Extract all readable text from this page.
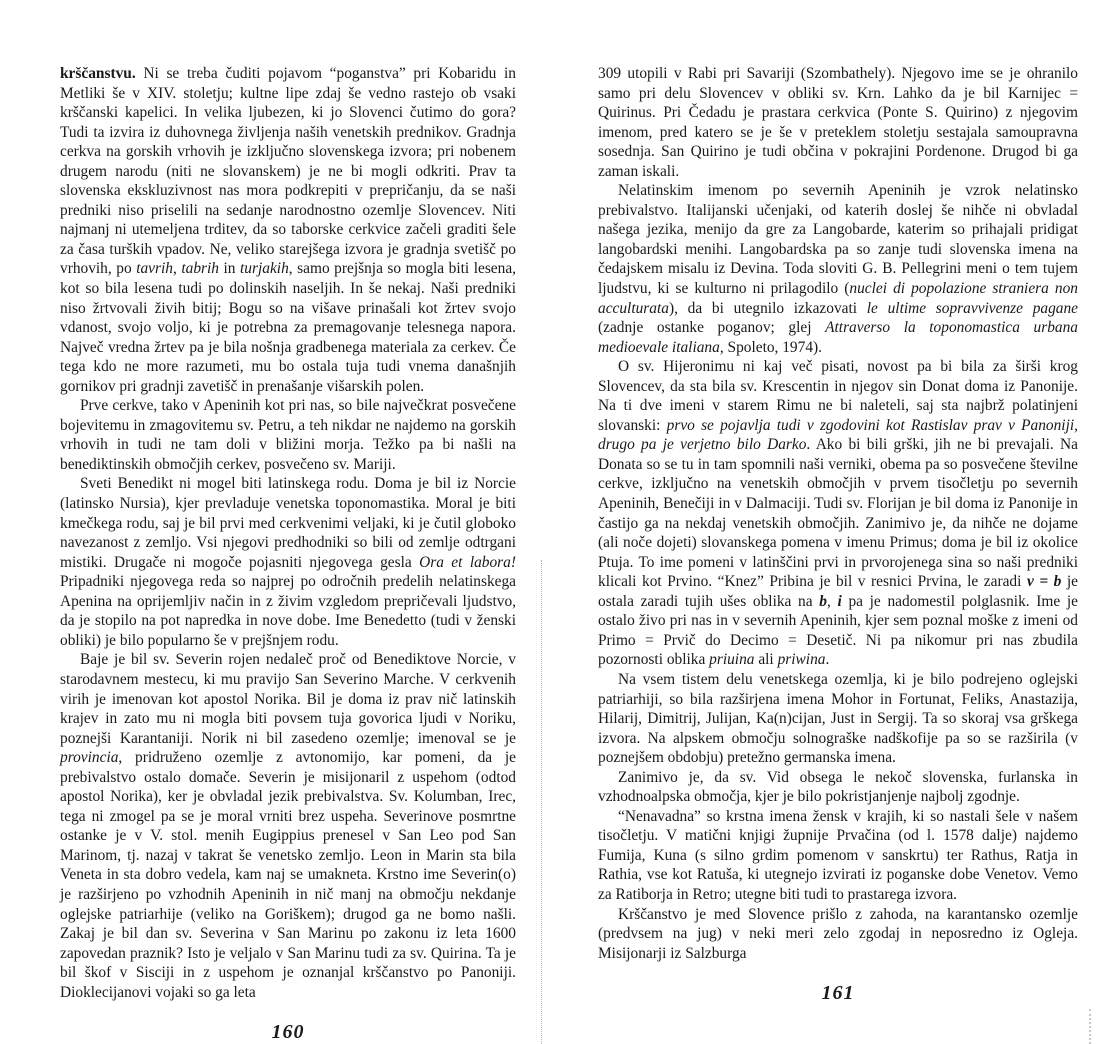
krščanstvu. Ni se treba čuditi pojavom “poganstva” pri Kobaridu in Metliki še v XIV. stoletju; kultne lipe zdaj še vedno rastejo ob vsaki krščanski kapelici. In velika ljubezen, ki jo Slovenci čutimo do gora? Tudi ta izvira iz duhovnega življenja naših venetskih prednikov. Gradnja cerkva na gorskih vrhovih je izključno slovenskega izvora; pri nobenem drugem narodu (niti ne slovanskem) je ne bi mogli odkriti. Prav ta slovenska ekskluzivnost nas mora podkrepiti v prepričanju, da se naši predniki niso priselili na sedanje narodnostno ozemlje Slovencev. Niti najmanj ni utemeljena trditev, da so taborske cerkvice začeli graditi šele za časa turških vpadov. Ne, veliko starejšega izvora je gradnja svetišč po vrhovih, po tavrih, tabrih in turjakih, samo prejšnja so mogla biti lesena, kot so bila lesena tudi po dolinskih naseljih. In še nekaj. Naši predniki niso žrtvovali živih bitij; Bogu so na višave prinašali kot žrtev svojo vdanost, svojo voljo, ki je potrebna za premagovanje telesnega napora. Največ vredna žrtev pa je bila nošnja gradbenega materiala za cerkev. Če tega kdo ne more razumeti, mu bo ostala tuja tudi vnema današnjih gornikov pri gradnji zavetišč in prenašanje višarskih polen.

Prve cerkve, tako v Apeninih kot pri nas, so bile največkrat posvečene bojevitemu in zmagovitemu sv. Petru, a teh nikdar ne najdemo na gorskih vrhovih in tudi ne tam doli v bližini morja. Težko pa bi našli na benediktinskih območjih cerkev, posvečeno sv. Mariji.

Sveti Benedikt ni mogel biti latinskega rodu. Doma je bil iz Norcie (latinsko Nursia), kjer prevladuje venetska toponomastika. Moral je biti kmečkega rodu, saj je bil prvi med cerkvenimi veljaki, ki je čutil globoko navezanost z zemljo. Vsi njegovi predhodniki so bili od zemlje odtrgani mistiki. Drugače ni mogoče pojasniti njegovega gesla Ora et labora! Pripadniki njegovega reda so najprej po odročnih predelih nelatinskega Apenina na oprijemljiv način in z živim vzgledom prepričevali ljudstvo, da je stopilo na pot napredka in nove dobe. Ime Benedetto (tudi v ženski obliki) je bilo popularno še v prejšnjem rodu.

Baje je bil sv. Severin rojen nedaleč proč od Benediktove Norcie, v starodavnem mestecu, ki mu pravijo San Severino Marche. V cerkvenih virih je imenovan kot apostol Norika. Bil je doma iz prav nič latinskih krajev in zato mu ni mogla biti povsem tuja govorica ljudi v Noriku, poznejši Karantaniji. Norik ni bil zasedeno ozemlje; imenoval se je provincia, pridruženo ozemlje z avtonomijo, kar pomeni, da je prebivalstvo ostalo domače. Severin je misijonaril z uspehom (odtod apostol Norika), ker je obvladal jezik prebivalstva. Sv. Kolumban, Irec, tega ni zmogel pa se je moral vrniti brez uspeha. Severinove posmrtne ostanke je v V. stol. menih Eugippius prenesel v San Leo pod San Marinom, tj. nazaj v takrat še venetsko zemljo. Leon in Marin sta bila Veneta in sta dobro vedela, kam naj se umakneta. Krstno ime Severin(o) je razširjeno po vzhodnih Apeninih in nič manj na območju nekdanje oglejske patriarhije (veliko na Goriškem); drugod ga ne bomo našli. Zakaj je bil dan sv. Severina v San Marinu po zakonu iz leta 1600 zapovedan praznik? Isto je veljalo v San Marinu tudi za sv. Quirina. Ta je bil škof v Sisciji in z uspehom je oznanjal krščanstvo po Panoniji. Dioklecijanovi vojaki so ga leta

160

309 utopili v Rabi pri Savariji (Szombathely). Njegovo ime se je ohranilo samo pri delu Slovencev v obliki sv. Krn. Lahko da je bil Karnijec = Quirinus. Pri Čedadu je prastara cerkvica (Ponte S. Quirino) z njegovim imenom, pred katero se je še v preteklem stoletju sestajala samoupravna sosednja. San Quirino je tudi občina v pokrajini Pordenone. Drugod bi ga zaman iskali.

Nelatinskim imenom po severnih Apeninih je vzrok nelatinsko prebivalstvo. Italijanski učenjaki, od katerih doslej še nihče ni obvladal našega jezika, menijo da gre za Langobarde, katerim so prihajali pridigat langobardski menihi. Langobardska pa so zanje tudi slovenska imena na čedajskem misalu iz Devina. Toda sloviti G. B. Pellegrini meni o tem tujem ljudstvu, ki se kulturno ni prilagodilo (nuclei di popolazione straniera non acculturata), da bi utegnilo izkazovati le ultime sopravvivenze pagane (zadnje ostanke poganov; glej Attraverso la toponomastica urbana medioevale italiana, Spoleto, 1974).

O sv. Hijeronimu ni kaj več pisati, novost pa bi bila za širši krog Slovencev, da sta bila sv. Krescentin in njegov sin Donat doma iz Panonije. Na ti dve imeni v starem Rimu ne bi naleteli, saj sta najbrž polatinjeni slovanski: prvo se pojavlja tudi v zgodovini kot Rastislav prav v Panoniji, drugo pa je verjetno bilo Darko. Ako bi bili grški, jih ne bi prevajali. Na Donata so se tu in tam spomnili naši verniki, obema pa so posvečene številne cerkve, izključno na venetskih območjih v prvem tisočletju po severnih Apeninih, Benečiji in v Dalmaciji. Tudi sv. Florijan je bil doma iz Panonije in častijo ga na nekdaj venetskih območjih. Zanimivo je, da nihče ne dojame (ali noče dojeti) slovanskega pomena v imenu Primus; doma je bil iz okolice Ptuja. To ime pomeni v latinščini prvi in prvorojenega sina so naši predniki klicali kot Prvino. “Knez” Pribina je bil v resnici Prvina, le zaradi v = b je ostala zaradi tujih ušes oblika na b, i pa je nadomestil polglasnik. Ime je ostalo živo pri nas in v severnih Apeninih, kjer sem poznal moške z imeni od Primo = Prvič do Decimo = Desetič. Ni pa nikomur pri nas zbudila pozornosti oblika priuina ali priwina.

Na vsem tistem delu venetskega ozemlja, ki je bilo podrejeno oglejski patriarhiji, so bila razširjena imena Mohor in Fortunat, Feliks, Anastazija, Hilarij, Dimitrij, Julijan, Ka(n)cijan, Just in Sergij. Ta so skoraj vsa grškega izvora. Na alpskem območju solnograške nadškofije pa so se razširila (v poznejšem obdobju) pretežno germanska imena.

Zanimivo je, da sv. Vid obsega le nekoč slovenska, furlanska in vzhodnoalpska območja, kjer je bilo pokristjanjenje najbolj zgodnje.

“Nenavadna” so krstna imena žensk v krajih, ki so nastali šele v našem tisočletju. V matični knjigi župnije Prvačina (od l. 1578 dalje) najdemo Fumija, Kuna (s silno grdim pomenom v sanskrtu) ter Rathus, Ratja in Rathia, vse kot Ratuša, ki utegnejo izvirati iz poganske dobe Venetov. Vemo za Ratiborja in Retro; utegne biti tudi to prastarega izvora.

Krščanstvo je med Slovence prišlo z zahoda, na karantansko ozemlje (predvsem na jug) v neki meri zelo zgodaj in neposredno iz Ogleja. Misijonarji iz Salzburga

161
